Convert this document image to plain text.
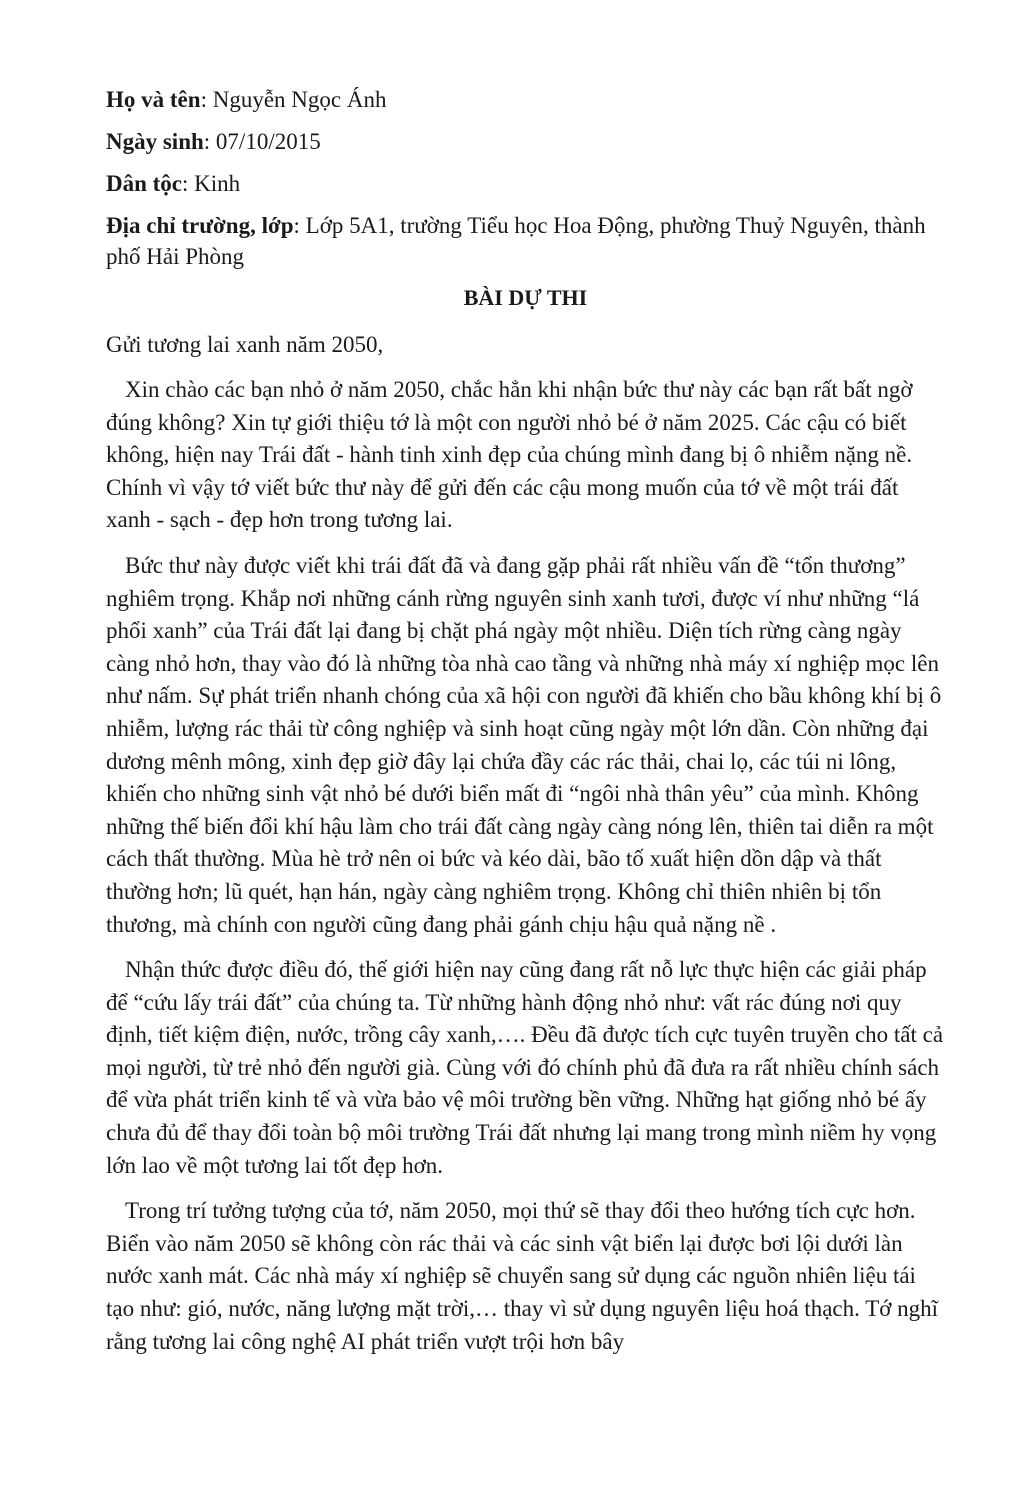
Họ và tên: Nguyễn Ngọc Ánh
Ngày sinh: 07/10/2015
Dân tộc: Kinh
Địa chỉ trường, lớp: Lớp 5A1, trường Tiểu học Hoa Động, phường Thuỷ Nguyên, thành phố Hải Phòng
BÀI DỰ THI
Gửi tương lai xanh năm 2050,

Xin chào các bạn nhỏ ở năm 2050, chắc hẳn khi nhận bức thư này các bạn rất bất ngờ đúng không? Xin tự giới thiệu tớ là một con người nhỏ bé ở năm 2025. Các cậu có biết không, hiện nay Trái đất - hành tinh xinh đẹp của chúng mình đang bị ô nhiễm nặng nề. Chính vì vậy tớ viết bức thư này để gửi đến các cậu mong muốn của tớ về một trái đất xanh - sạch - đẹp hơn trong tương lai.

Bức thư này được viết khi trái đất đã và đang gặp phải rất nhiều vấn đề “tổn thương” nghiêm trọng. Khắp nơi những cánh rừng nguyên sinh xanh tươi, được ví như những “lá phổi xanh” của Trái đất lại đang bị chặt phá ngày một nhiều. Diện tích rừng càng ngày càng nhỏ hơn, thay vào đó là những tòa nhà cao tầng và những nhà máy xí nghiệp mọc lên như nấm. Sự phát triển nhanh chóng của xã hội con người đã khiến cho bầu không khí bị ô nhiễm, lượng rác thải từ công nghiệp và sinh hoạt cũng ngày một lớn dần. Còn những đại dương mênh mông, xinh đẹp giờ đây lại chứa đầy các rác thải, chai lọ, các túi ni lông, khiến cho những sinh vật nhỏ bé dưới biển mất đi “ngôi nhà thân yêu” của mình. Không những thế biến đổi khí hậu làm cho trái đất càng ngày càng nóng lên, thiên tai diễn ra một cách thất thường. Mùa hè trở nên oi bức và kéo dài, bão tố xuất hiện dồn dập và thất thường hơn; lũ quét, hạn hán, ngày càng nghiêm trọng. Không chỉ thiên nhiên bị tổn thương, mà chính con người cũng đang phải gánh chịu hậu quả nặng nề .

Nhận thức được điều đó, thế giới hiện nay cũng đang rất nỗ lực thực hiện các giải pháp để “cứu lấy trái đất” của chúng ta. Từ những hành động nhỏ như: vất rác đúng nơi quy định, tiết kiệm điện, nước, trồng cây xanh,…. Đều đã được tích cực tuyên truyền cho tất cả mọi người, từ trẻ nhỏ đến người già. Cùng với đó chính phủ đã đưa ra rất nhiều chính sách để vừa phát triển kinh tế và vừa bảo vệ môi trường bền vững. Những hạt giống nhỏ bé ấy chưa đủ để thay đổi toàn bộ môi trường Trái đất nhưng lại mang trong mình niềm hy vọng lớn lao về một tương lai tốt đẹp hơn.

Trong trí tưởng tượng của tớ, năm 2050, mọi thứ sẽ thay đổi theo hướng tích cực hơn. Biển vào năm 2050 sẽ không còn rác thải và các sinh vật biển lại được bơi lội dưới làn nước xanh mát. Các nhà máy xí nghiệp sẽ chuyển sang sử dụng các nguồn nhiên liệu tái tạo như: gió, nước, năng lượng mặt trời,… thay vì sử dụng nguyên liệu hoá thạch. Tớ nghĩ rằng tương lai công nghệ AI phát triển vượt trội hơn bây
